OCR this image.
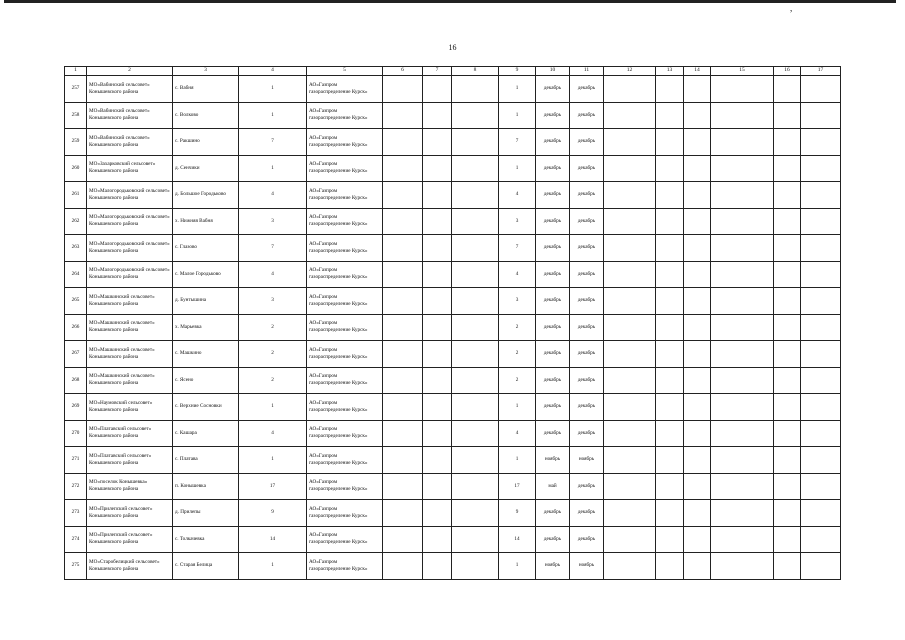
,
16
1	2	3	4	5	6	7	8	9	10	11	12	13	14	15	16	17
257	МО«Вабинский сельсовет» Конышевского района	с. Вабня	1	АО«Газпром газораспределение Курск»				1	декабрь	декабрь						
258	МО«Вабинский сельсовет» Конышевского района	с. Волково	1	АО«Газпром газораспределение Курск»				1	декабрь	декабрь						
259	МО«Вабинский сельсовет» Конышевского района	с. Ракшино	7	АО«Газпром газораспределение Курск»				7	декабрь	декабрь						
260	МО«Захарковский сельсовет» Конышевского района	д. Сенчики	1	АО«Газпром газораспределение Курск»				1	декабрь	декабрь						
261	МО«Малогородьковский сельсовет» Конышевского района	д. Большое Городьково	4	АО«Газпром газораспределение Курск»				4	декабрь	декабрь						
262	МО«Малогородьковский сельсовет» Конышевского района	х. Нижняя Вабня	3	АО«Газпром газораспределение Курск»				3	декабрь	декабрь						
263	МО«Малогородьковский сельсовет» Конышевского района	с. Глазово	7	АО«Газпром газораспределение Курск»				7	декабрь	декабрь						
264	МО«Малогородьковский сельсовет» Конышевского района	с. Малое Городьково	4	АО«Газпром газораспределение Курск»				4	декабрь	декабрь						
265	МО«Машкинский сельсовет» Конышевского района	д. Бунтышина	3	АО«Газпром газораспределение Курск»				3	декабрь	декабрь						
266	МО«Машкинский сельсовет» Конышевского района	х. Марьевка	2	АО«Газпром газораспределение Курск»				2	декабрь	декабрь						
267	МО«Машкинский сельсовет» Конышевского района	с. Машкино	2	АО«Газпром газораспределение Курск»				2	декабрь	декабрь						
268	МО«Машкинский сельсовет» Конышевского района	с. Ясено	2	АО«Газпром газораспределение Курск»				2	декабрь	декабрь						
269	МО«Наумовский сельсовет» Конышевского района	с. Верхние Сосновки	1	АО«Газпром газораспределение Курск»				1	декабрь	декабрь						
270	МО«Платавский сельсовет» Конышевского района	с. Кашара	4	АО«Газпром газораспределение Курск»				4	декабрь	декабрь						
271	МО«Платавский сельсовет» Конышевского района	с. Платава	1	АО«Газпром газораспределение Курск»				1	ноябрь	ноябрь						
272	МО«поселок Конышевка» Конышевского района	п. Конышевка	17	АО«Газпром газораспределение Курск»				17	май	декабрь						
273	МО«Прилепский сельсовет» Конышевского района	д. Прилепы	9	АО«Газпром газораспределение Курск»				9	декабрь	декабрь						
274	МО«Прилепский сельсовет» Конышевского района	с. Толкачевка	14	АО«Газпром газораспределение Курск»				14	декабрь	декабрь						
275	МО«Старобелицкий сельсовет» Конышевского района	с. Старая Белица	1	АО«Газпром газораспределение Курск»				1	ноябрь	ноябрь						
